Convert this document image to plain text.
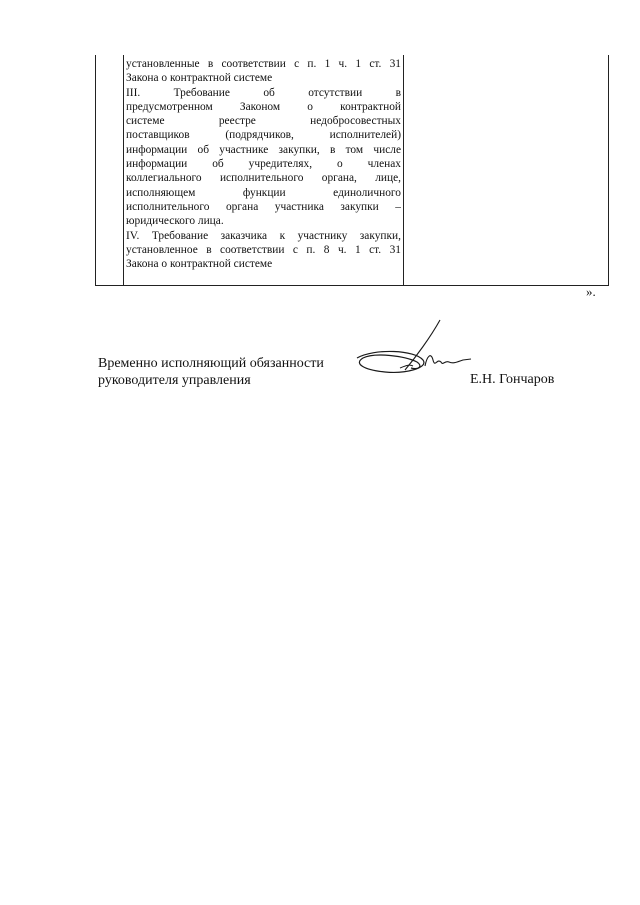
установленные в соответствии с п. 1 ч. 1 ст. 31

Закона о контрактной системе

III. Требование об отсутствии в

предусмотренном Законом о контрактной

системе реестре недобросовестных

поставщиков (подрядчиков, исполнителей)

информации об участнике закупки, в том числе

информации об учредителях, о членах

коллегиального исполнительного органа, лице,

исполняющем функции единоличного

исполнительного органа участника закупки –

юридического лица.

IV. Требование заказчика к участнику закупки,

установленное в соответствии с п. 8 ч. 1 ст. 31

Закона о контрактной системе

».
Временно исполняющий обязанности
руководителя управления	Е.Н. Гончаров
